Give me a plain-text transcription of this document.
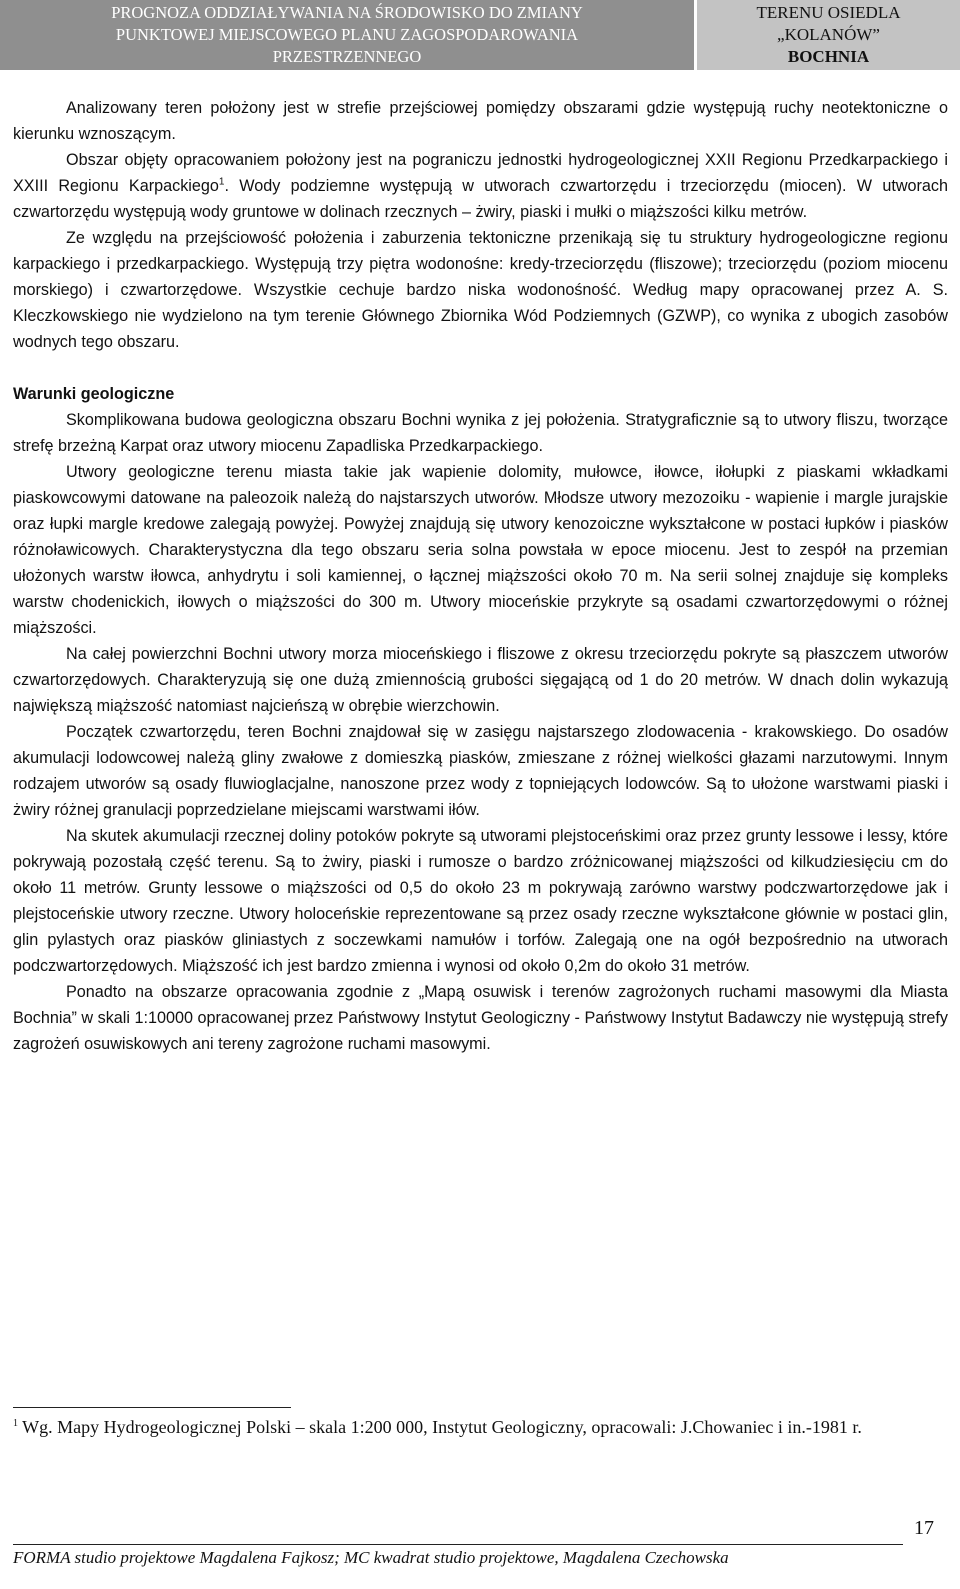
PROGNOZA ODDZIAŁYWANIA NA ŚRODOWISKO DO ZMIANY
PUNKTOWEJ MIEJSCOWEGO PLANU ZAGOSPODAROWANIA
PRZESTRZENNEGO
TERENU OSIEDLA
„KOLANÓW”
BOCHNIA

Analizowany teren położony jest w strefie przejściowej pomiędzy obszarami gdzie występują ruchy neotektoniczne o kierunku wznoszącym.

Obszar objęty opracowaniem położony jest na pograniczu jednostki hydrogeologicznej XXII Regionu Przedkarpackiego i XXIII Regionu Karpackiego$^1$. Wody podziemne występują w utworach czwartorzędu i trzeciorzędu (miocen). W utworach czwartorzędu występują wody gruntowe w dolinach rzecznych – żwiry, piaski i mułki o miąższości kilku metrów.

Ze względu na przejściowość położenia i zaburzenia tektoniczne przenikają się tu struktury hydrogeologiczne regionu karpackiego i przedkarpackiego. Występują trzy piętra wodonośne: kredy-trzeciorzędu (fliszowe); trzeciorzędu (poziom miocenu morskiego) i czwartorzędowe. Wszystkie cechuje bardzo niska wodonośność. Według mapy opracowanej przez A. S. Kleczkowskiego nie wydzielono na tym terenie Głównego Zbiornika Wód Podziemnych (GZWP), co wynika z ubogich zasobów wodnych tego obszaru.

Warunki geologiczne

Skomplikowana budowa geologiczna obszaru Bochni wynika z jej położenia. Stratygraficznie są to utwory fliszu, tworzące strefę brzeżną Karpat oraz utwory miocenu Zapadliska Przedkarpackiego.

Utwory geologiczne terenu miasta takie jak wapienie dolomity, mułowce, iłowce, iłołupki z piaskami wkładkami piaskowcowymi datowane na paleozoik należą do najstarszych utworów. Młodsze utwory mezozoiku - wapienie i margle jurajskie oraz łupki margle kredowe zalegają powyżej. Powyżej znajdują się utwory kenozoiczne wykształcone w postaci łupków i piasków różnoławicowych. Charakterystyczna dla tego obszaru seria solna powstała w epoce miocenu. Jest to zespół na przemian ułożonych warstw iłowca, anhydrytu i soli kamiennej, o łącznej miąższości około 70 m. Na serii solnej znajduje się kompleks warstw chodenickich, iłowych o miąższości do 300 m. Utwory mioceńskie przykryte są osadami czwartorzędowymi o różnej miąższości.

Na całej powierzchni Bochni utwory morza mioceńskiego i fliszowe z okresu trzeciorzędu pokryte są płaszczem utworów czwartorzędowych. Charakteryzują się one dużą zmiennością grubości sięgającą od 1 do 20 metrów. W dnach dolin wykazują największą miąższość natomiast najcieńszą w obrębie wierzchowin.

Początek czwartorzędu, teren Bochni znajdował się w zasięgu najstarszego zlodowacenia - krakowskiego. Do osadów akumulacji lodowcowej należą gliny zwałowe z domieszką piasków, zmieszane z różnej wielkości głazami narzutowymi. Innym rodzajem utworów są osady fluwioglacjalne, nanoszone przez wody z topniejących lodowców. Są to ułożone warstwami piaski i żwiry różnej granulacji poprzedzielane miejscami warstwami iłów.

Na skutek akumulacji rzecznej doliny potoków pokryte są utworami plejstoceńskimi oraz przez grunty lessowe i lessy, które pokrywają pozostałą część terenu. Są to żwiry, piaski i rumosze o bardzo zróżnicowanej miąższości od kilkudziesięciu cm do około 11 metrów. Grunty lessowe o miąższości od 0,5 do około 23 m pokrywają zarówno warstwy podczwartorzędowe jak i plejstoceńskie utwory rzeczne. Utwory holoceńskie reprezentowane są przez osady rzeczne wykształcone głównie w postaci glin, glin pylastych oraz piasków gliniastych z soczewkami namułów i torfów. Zalegają one na ogół bezpośrednio na utworach podczwartorzędowych. Miąższość ich jest bardzo zmienna i wynosi od około 0,2m do około 31 metrów.

Ponadto na obszarze opracowania zgodnie z „Mapą osuwisk i terenów zagrożonych ruchami masowymi dla Miasta Bochnia” w skali 1:10000 opracowanej przez Państwowy Instytut Geologiczny - Państwowy Instytut Badawczy nie występują strefy zagrożeń osuwiskowych ani tereny zagrożone ruchami masowymi.

$^1$ Wg. Mapy Hydrogeologicznej Polski – skala 1:200 000, Instytut Geologiczny, opracowali: J.Chowaniec i in.-1981 r.
17
FORMA studio projektowe Magdalena Fajkosz; MC kwadrat studio projektowe, Magdalena Czechowska
